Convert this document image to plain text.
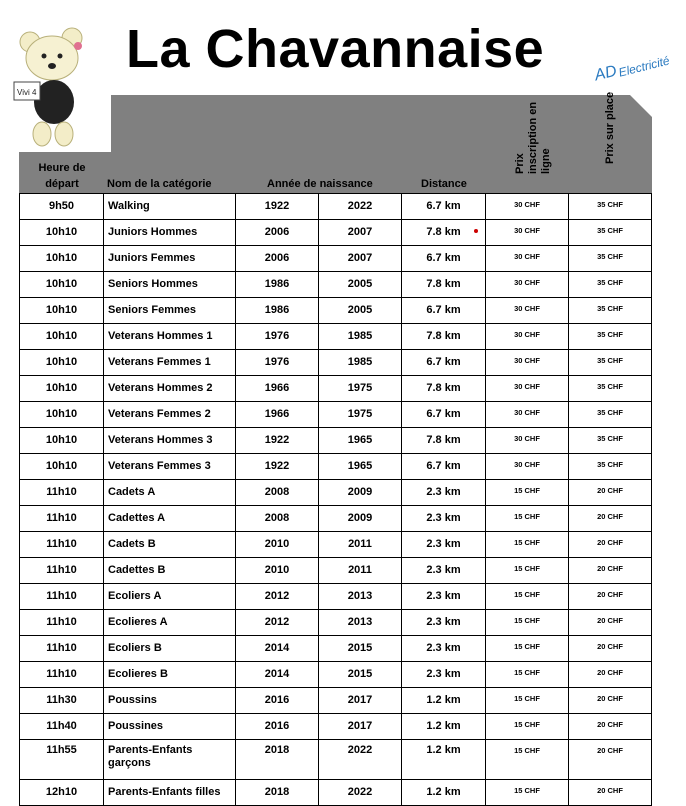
Vivi 4
AD
Electricité
La Chavannaise
Heure de départ	Nom de la catégorie	Année de naissance	Distance
Prix inscription en ligne	Prix sur place
9h50	Walking	1922	2022	6.7 km	30 CHF	35 CHF
10h10	Juniors Hommes	2006	2007	7.8 km	30 CHF	35 CHF
10h10	Juniors Femmes	2006	2007	6.7 km	30 CHF	35 CHF
10h10	Seniors Hommes	1986	2005	7.8 km	30 CHF	35 CHF
10h10	Seniors Femmes	1986	2005	6.7 km	30 CHF	35 CHF
10h10	Veterans Hommes 1	1976	1985	7.8 km	30 CHF	35 CHF
10h10	Veterans Femmes 1	1976	1985	6.7 km	30 CHF	35 CHF
10h10	Veterans Hommes 2	1966	1975	7.8 km	30 CHF	35 CHF
10h10	Veterans Femmes 2	1966	1975	6.7 km	30 CHF	35 CHF
10h10	Veterans Hommes 3	1922	1965	7.8 km	30 CHF	35 CHF
10h10	Veterans Femmes 3	1922	1965	6.7 km	30 CHF	35 CHF
11h10	Cadets A	2008	2009	2.3 km	15 CHF	20 CHF
11h10	Cadettes A	2008	2009	2.3 km	15 CHF	20 CHF
11h10	Cadets B	2010	2011	2.3 km	15 CHF	20 CHF
11h10	Cadettes B	2010	2011	2.3 km	15 CHF	20 CHF
11h10	Ecoliers A	2012	2013	2.3 km	15 CHF	20 CHF
11h10	Ecolieres A	2012	2013	2.3 km	15 CHF	20 CHF
11h10	Ecoliers B	2014	2015	2.3 km	15 CHF	20 CHF
11h10	Ecolieres B	2014	2015	2.3 km	15 CHF	20 CHF
11h30	Poussins	2016	2017	1.2 km	15 CHF	20 CHF
11h40	Poussines	2016	2017	1.2 km	15 CHF	20 CHF
11h55	Parents-Enfants garçons	2018	2022	1.2 km	15 CHF	20 CHF
12h10	Parents-Enfants filles	2018	2022	1.2 km	15 CHF	20 CHF
